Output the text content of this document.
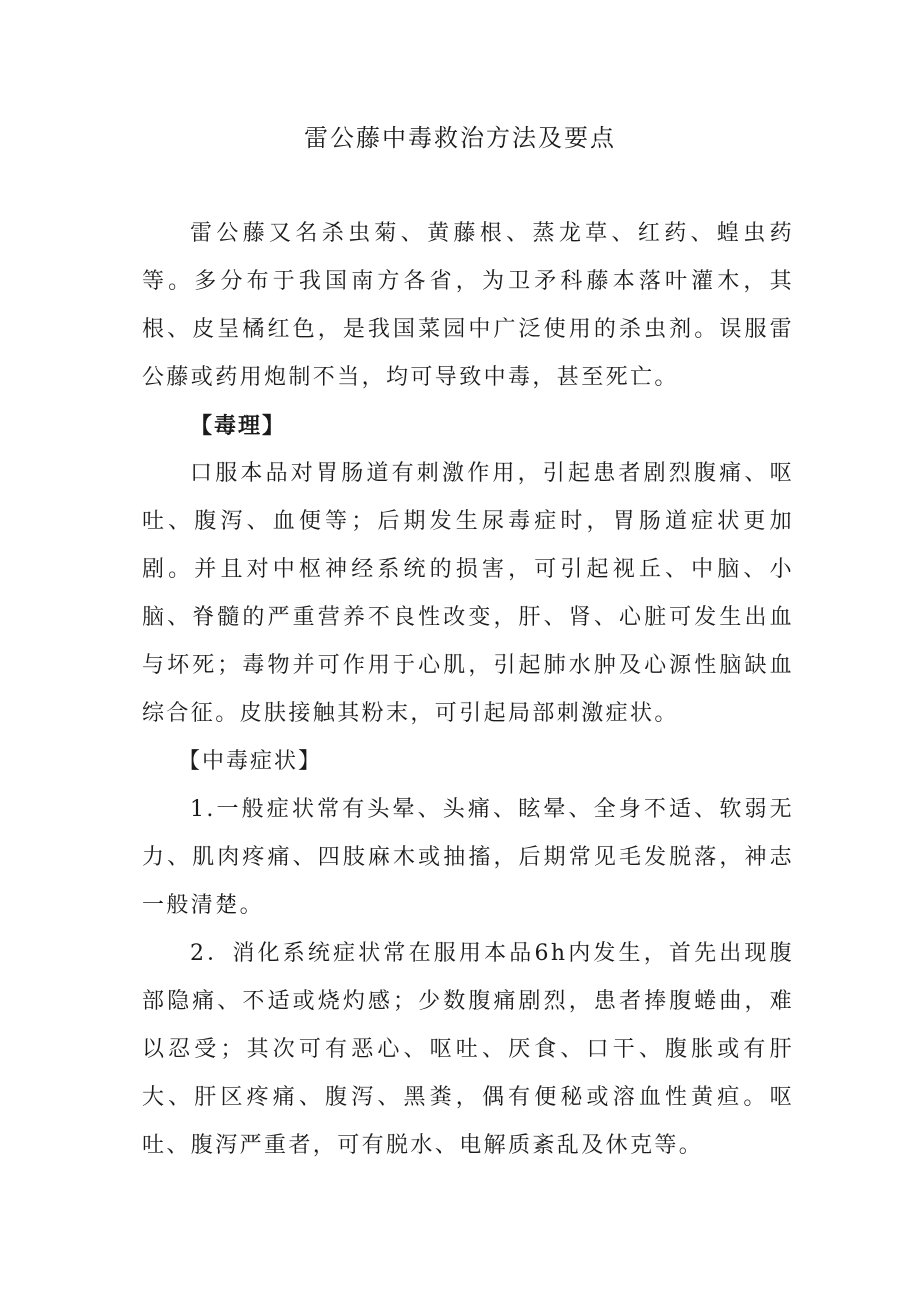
雷公藤中毒救治方法及要点

雷公藤又名杀虫菊、黄藤根、蒸龙草、红药、蝗虫药等。多分布于我国南方各省，为卫矛科藤本落叶灌木，其根、皮呈橘红色，是我国菜园中广泛使用的杀虫剂。误服雷公藤或药用炮制不当，均可导致中毒，甚至死亡。

【毒理】

口服本品对胃肠道有刺激作用，引起患者剧烈腹痛、呕吐、腹泻、血便等；后期发生尿毒症时，胃肠道症状更加剧。并且对中枢神经系统的损害，可引起视丘、中脑、小脑、脊髓的严重营养不良性改变，肝、肾、心脏可发生出血与坏死；毒物并可作用于心肌，引起肺水肿及心源性脑缺血综合征。皮肤接触其粉末，可引起局部刺激症状。

【中毒症状】

1.一般症状常有头晕、头痛、眩晕、全身不适、软弱无力、肌肉疼痛、四肢麻木或抽搐，后期常见毛发脱落，神志一般清楚。

2．消化系统症状常在服用本品6h内发生，首先出现腹部隐痛、不适或烧灼感；少数腹痛剧烈，患者捧腹蜷曲，难以忍受；其次可有恶心、呕吐、厌食、口干、腹胀或有肝大、肝区疼痛、腹泻、黑粪，偶有便秘或溶血性黄疸。呕吐、腹泻严重者，可有脱水、电解质紊乱及休克等。
